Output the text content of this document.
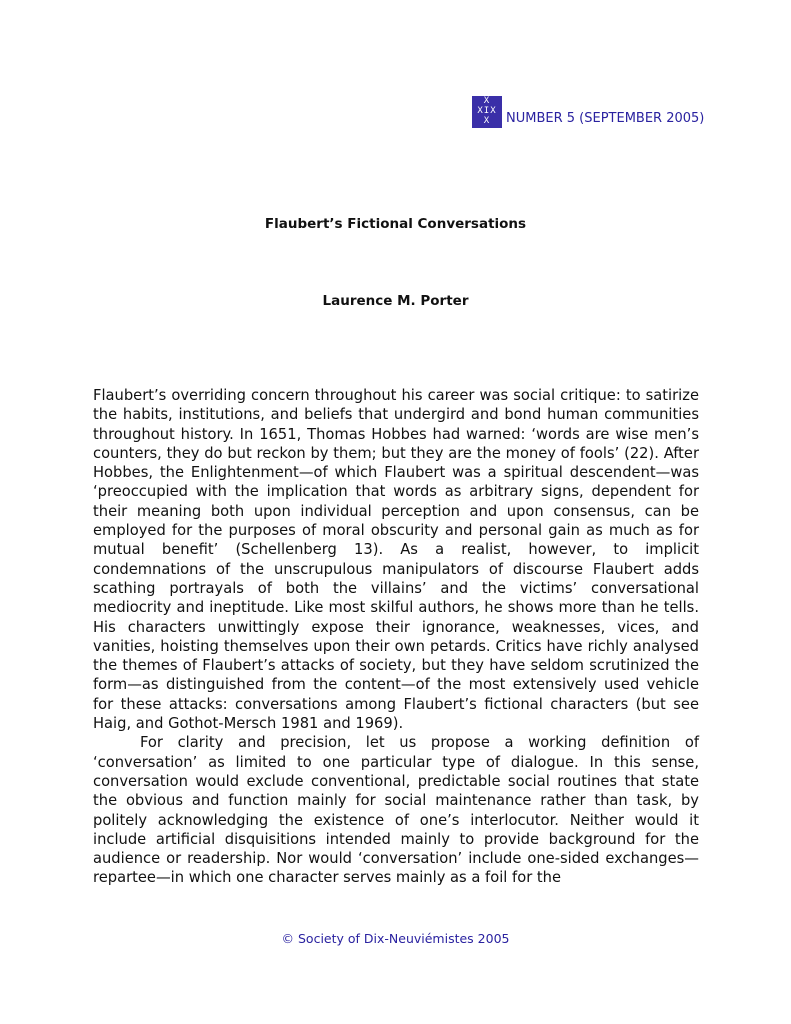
X
XIX
X	NUMBER 5 (SEPTEMBER 2005)
Flaubert’s Fictional Conversations
Laurence M. Porter

Flaubert’s overriding concern throughout his career was social critique: to satirize the habits, institutions, and beliefs that undergird and bond human communities throughout history. In 1651, Thomas Hobbes had warned: ‘words are wise men’s counters, they do but reckon by them; but they are the money of fools’ (22). After Hobbes, the Enlightenment—of which Flaubert was a spiritual descendent—was ‘preoccupied with the implication that words as arbitrary signs, dependent for their meaning both upon individual perception and upon consensus, can be employed for the purposes of moral obscurity and personal gain as much as for mutual benefit’ (Schellenberg 13). As a realist, however, to implicit condemnations of the unscrupulous manipulators of discourse Flaubert adds scathing portrayals of both the villains’ and the victims’ conversational mediocrity and ineptitude. Like most skilful authors, he shows more than he tells. His characters unwittingly expose their ignorance, weaknesses, vices, and vanities, hoisting themselves upon their own petards. Critics have richly analysed the themes of Flaubert’s attacks of society, but they have seldom scrutinized the form—as distinguished from the content—of the most extensively used vehicle for these attacks: conversations among Flaubert’s fictional characters (but see Haig, and Gothot-Mersch 1981 and 1969).

For clarity and precision, let us propose a working definition of ‘conversation’ as limited to one particular type of dialogue. In this sense, conversation would exclude conventional, predictable social routines that state the obvious and function mainly for social maintenance rather than task, by politely acknowledging the existence of one’s interlocutor. Neither would it include artificial disquisitions intended mainly to provide background for the audience or readership. Nor would ‘conversation’ include one-sided exchanges—repartee—in which one character serves mainly as a foil for the

© Society of Dix-Neuviémistes 2005
